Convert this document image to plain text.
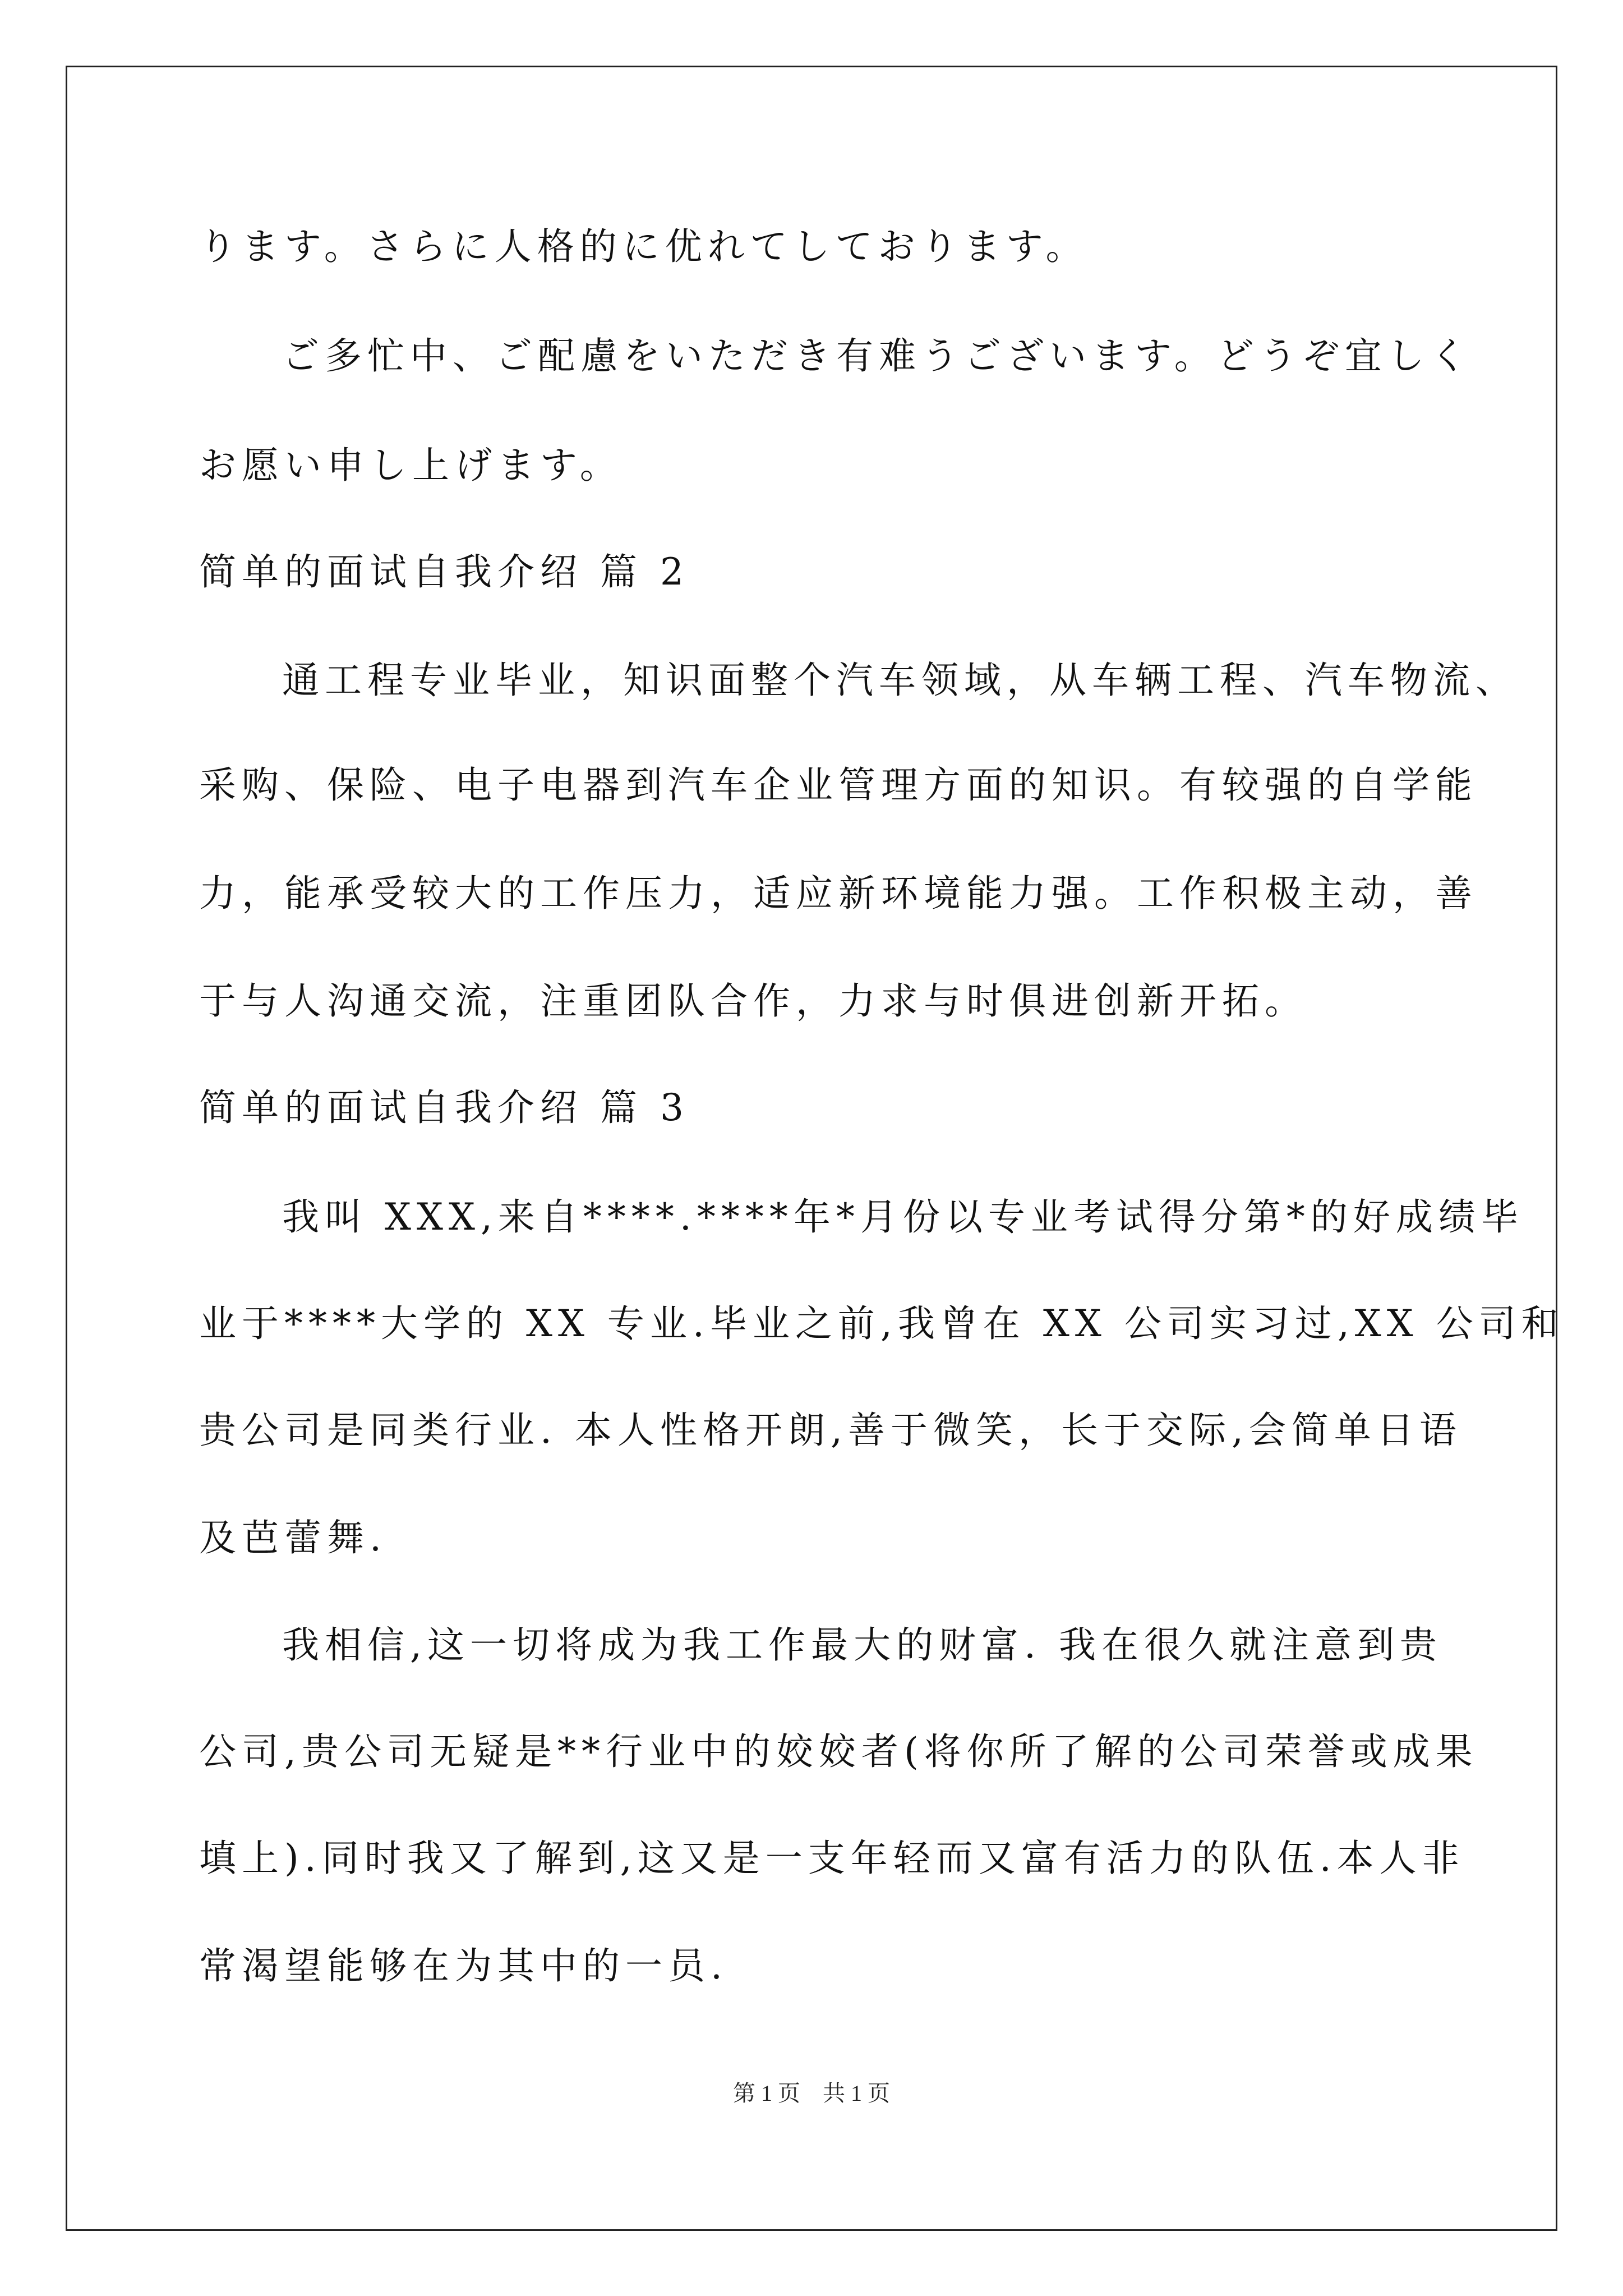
ります。さらに人格的に优れてしております。
ご多忙中、ご配慮をいただき有难うございます。どうぞ宜しく
お愿い申し上げます。
简单的面试自我介绍 篇 2
通工程专业毕业，知识面整个汽车领域，从车辆工程、汽车物流、
采购、保险、电子电器到汽车企业管理方面的知识。有较强的自学能
力，能承受较大的工作压力，适应新环境能力强。工作积极主动，善
于与人沟通交流，注重团队合作，力求与时俱进创新开拓。
简单的面试自我介绍 篇 3
我叫 XXX,来自****.****年*月份以专业考试得分第*的好成绩毕
业于****大学的 XX 专业.毕业之前,我曾在 XX 公司实习过,XX 公司和
贵公司是同类行业. 本人性格开朗,善于微笑，长于交际,会简单日语
及芭蕾舞.
我相信,这一切将成为我工作最大的财富. 我在很久就注意到贵
公司,贵公司无疑是**行业中的姣姣者(将你所了解的公司荣誉或成果
填上).同时我又了解到,这又是一支年轻而又富有活力的队伍.本人非
常渴望能够在为其中的一员.
第 1 页　共 1 页
